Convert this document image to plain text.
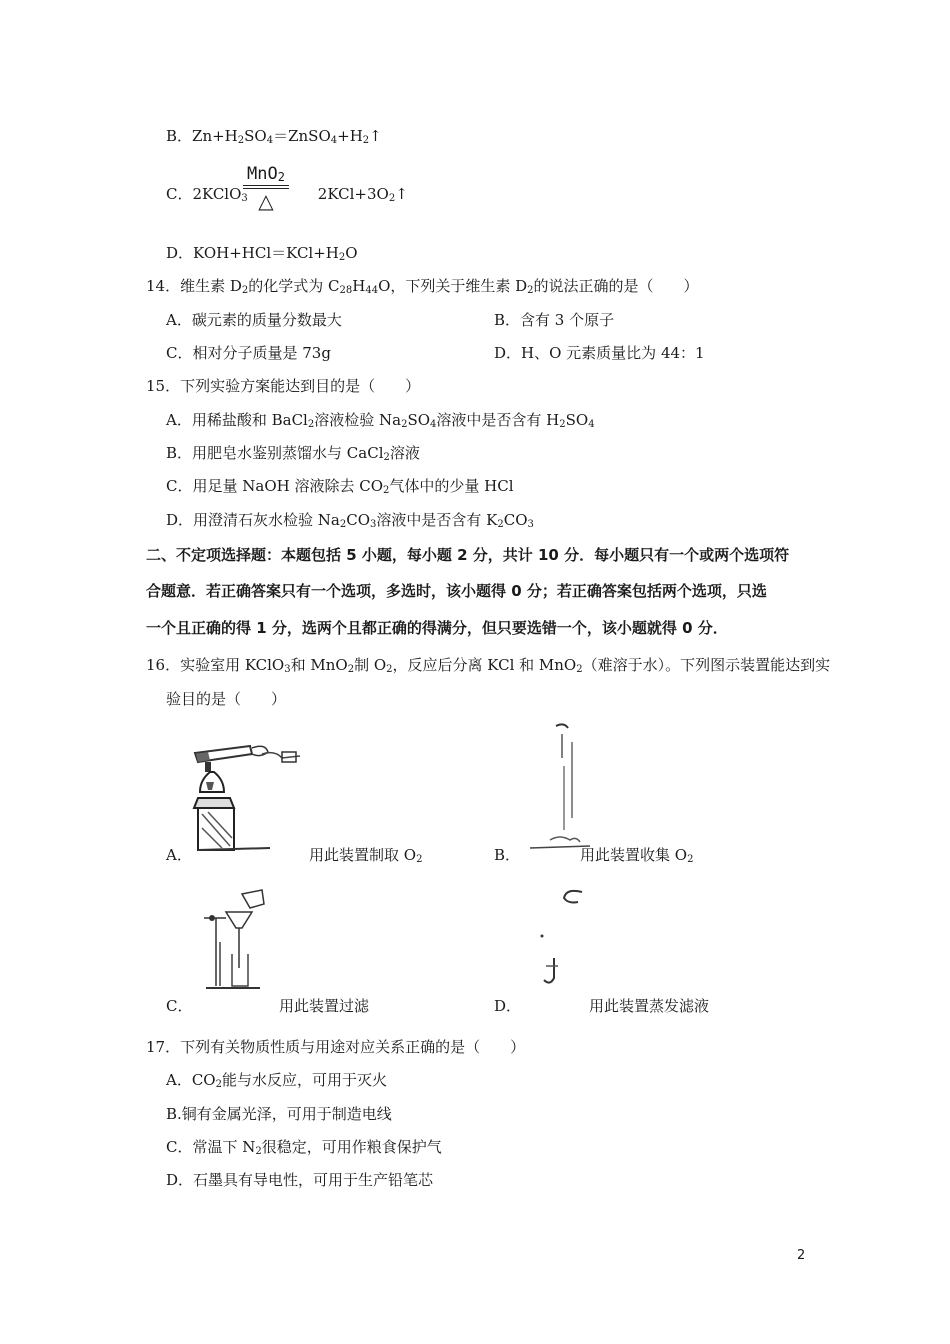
B．$Zn+H_2SO_4=ZnSO_4+H_2↑$
C．2KClO$_3$	$2KCl+3O_2↑$
MnO$_2$
△
D．$KOH+HCl=KCl+H_2O$
14．维生素 $D_2$的化学式为 $C_{28}H_{44}O$，下列关于维生素 $D_2$的说法正确的是（　　）
A．碳元素的质量分数最大	B．含有 3 个原子
C．相对分子质量是 73g	D．H、O 元素质量比为 44：1
15．下列实验方案能达到目的是（　　）
A．用稀盐酸和 BaCl$_2$溶液检验 $Na_2SO_4$溶液中是否含有 $H_2SO_4$
B．用肥皂水鉴别蒸馏水与 CaCl$_2$溶液
C．用足量 NaOH 溶液除去 $CO_2$气体中的少量 HCl
D．用澄清石灰水检验 $Na_2CO_3$溶液中是否含有 $K_2CO_3$
二、不定项选择题：本题包括 5 小题，每小题 2 分，共计 10 分．每小题只有一个或两个选项符
合题意．若正确答案只有一个选项，多选时，该小题得 0 分；若正确答案包括两个选项，只选
一个且正确的得 1 分，选两个且都正确的得满分，但只要选错一个，该小题就得 0 分．
16．实验室用 KClO$_3$和 MnO$_2$制 $O_2$，反应后分离 KCl 和 MnO$_2$（难溶于水）。下列图示装置能达到实
验目的是（　　）
A．	用此装置制取 $O_2$	B．	用此装置收集 $O_2$
C．	用此装置过滤	D．	用此装置蒸发滤液
17．下列有关物质性质与用途对应关系正确的是（　　）
A．$CO_2$能与水反应，可用于灭火
B.铜有金属光泽，可用于制造电线
C．常温下 $N_2$很稳定，可用作粮食保护气
D．石墨具有导电性，可用于生产铅笔芯
2
